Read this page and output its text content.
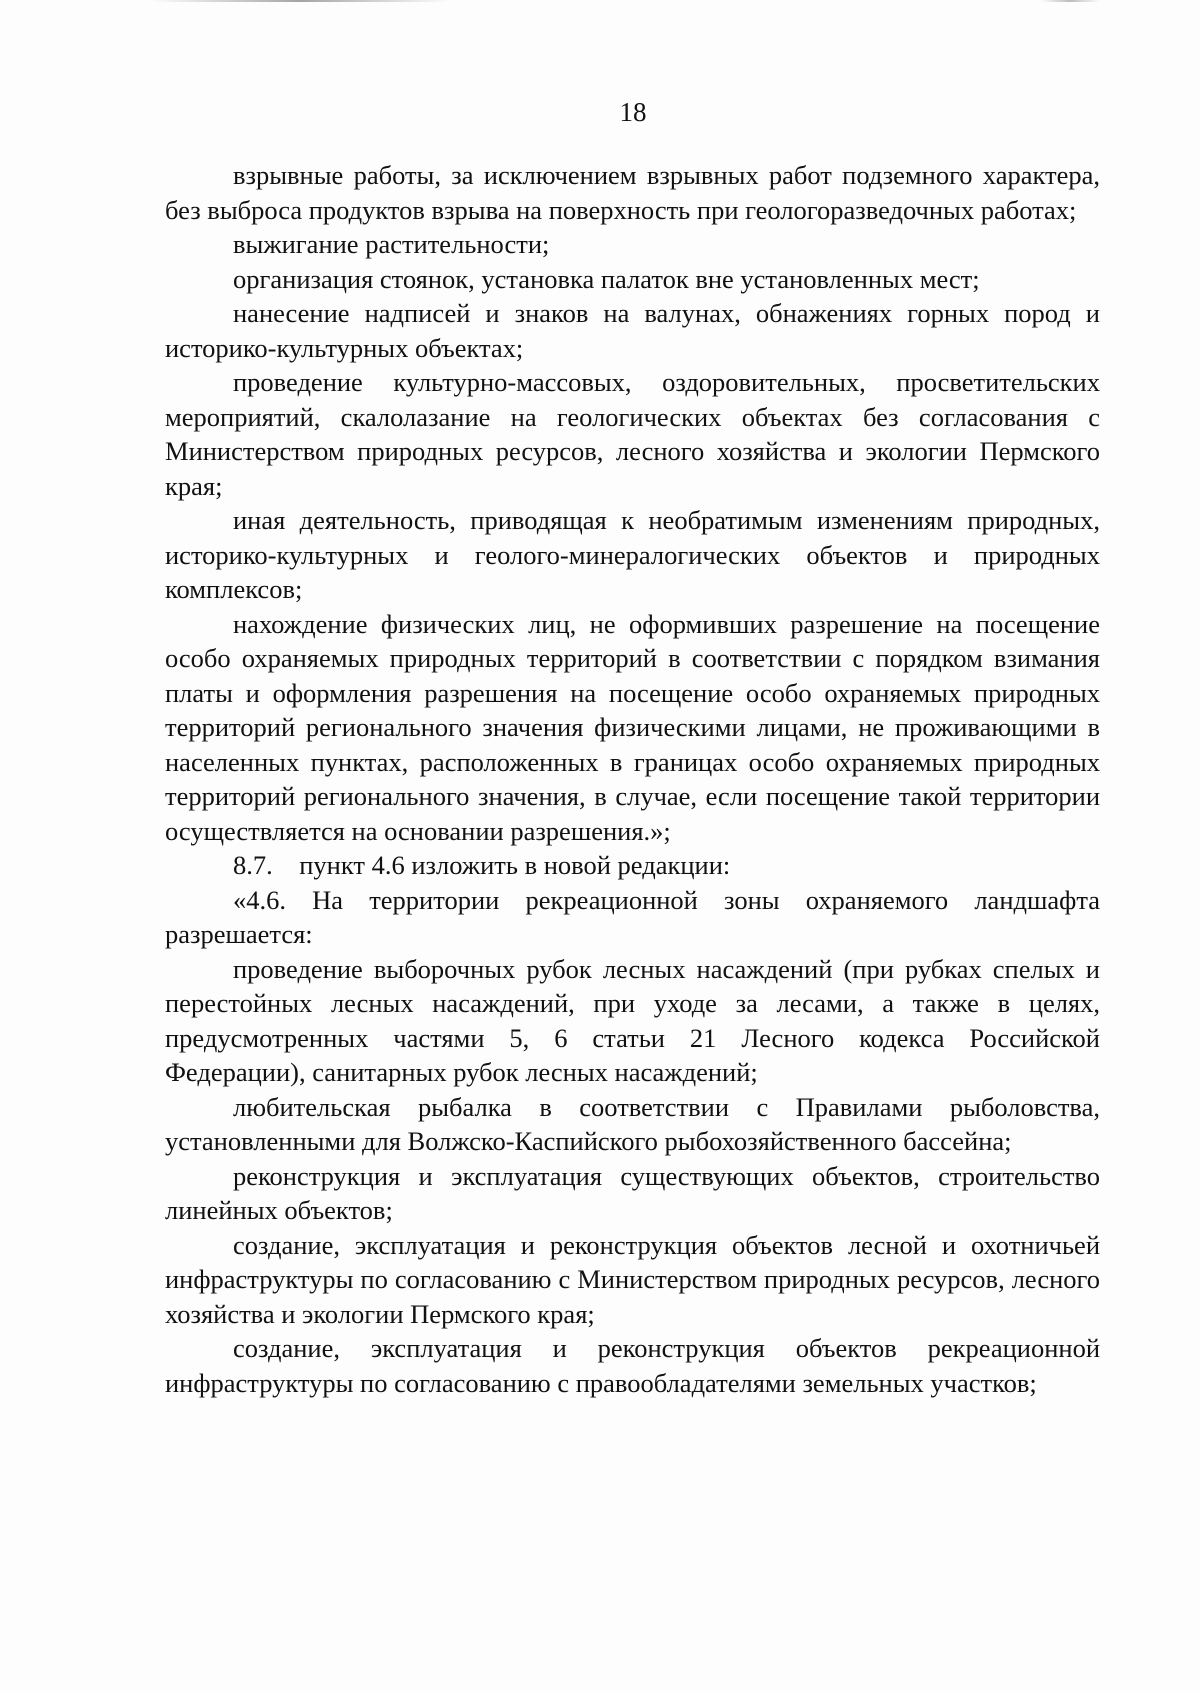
18

взрывные работы, за исключением взрывных работ подземного характера, без выброса продуктов взрыва на поверхность при геологоразведочных работах;

выжигание растительности;

организация стоянок, установка палаток вне установленных мест;

нанесение надписей и знаков на валунах, обнажениях горных пород и историко-культурных объектах;

проведение культурно-массовых, оздоровительных, просветительских мероприятий, скалолазание на геологических объектах без согласования с Министерством природных ресурсов, лесного хозяйства и экологии Пермского края;

иная деятельность, приводящая к необратимым изменениям природных, историко-культурных и геолого-минералогических объектов и природных комплексов;

нахождение физических лиц, не оформивших разрешение на посещение особо охраняемых природных территорий в соответствии с порядком взимания платы и оформления разрешения на посещение особо охраняемых природных территорий регионального значения физическими лицами, не проживающими в населенных пунктах, расположенных в границах особо охраняемых природных территорий регионального значения, в случае, если посещение такой территории осуществляется на основании разрешения.»;

8.7.    пункт 4.6 изложить в новой редакции:

«4.6. На территории рекреационной зоны охраняемого ландшафта разрешается:

проведение выборочных рубок лесных насаждений (при рубках спелых и перестойных лесных насаждений, при уходе за лесами, а также в целях, предусмотренных частями 5, 6 статьи 21 Лесного кодекса Российской Федерации), санитарных рубок лесных насаждений;

любительская рыбалка в соответствии с Правилами рыболовства, установленными для Волжско-Каспийского рыбохозяйственного бассейна;

реконструкция и эксплуатация существующих объектов, строительство линейных объектов;

создание, эксплуатация и реконструкция объектов лесной и охотничьей инфраструктуры по согласованию с Министерством природных ресурсов, лесного хозяйства и экологии Пермского края;

создание, эксплуатация и реконструкция объектов рекреационной инфраструктуры по согласованию с правообладателями земельных участков;
